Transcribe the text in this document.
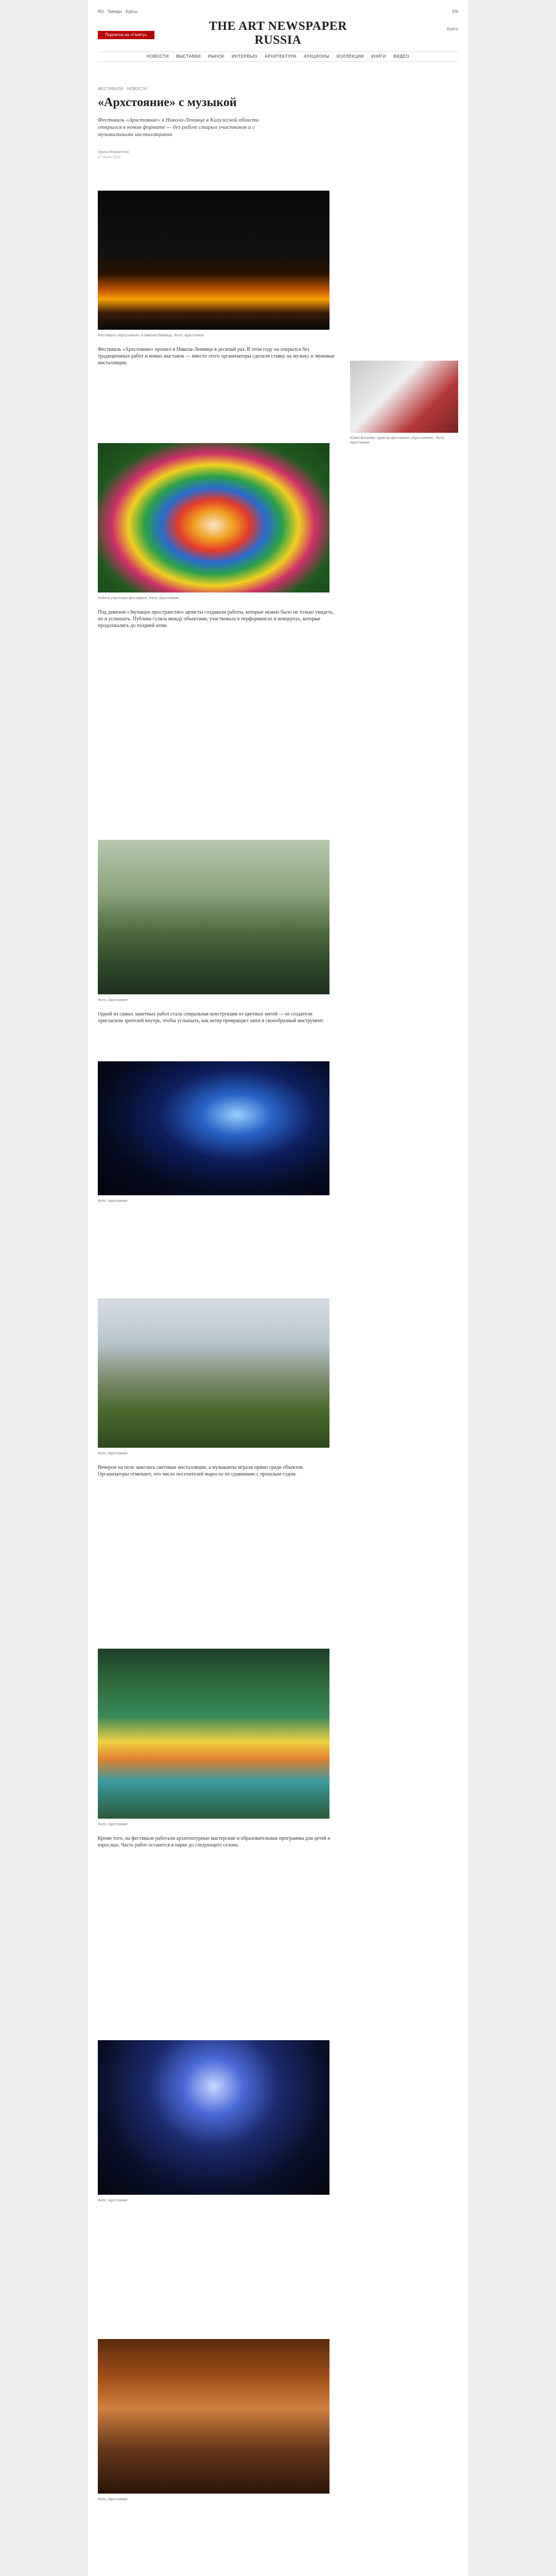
RU · Тренды · Курсы	EN
Подписка на «Газету»
THE ART NEWSPAPER RUSSIA
Войти
НОВОСТИ ВЫСТАВКИ РЫНОК ИНТЕРВЬЮ АРХИТЕКТУРА АУКЦИОНЫ КОЛЛЕКЦИИ КНИГИ ВИДЕО
ФЕСТИВАЛИ · НОВОСТИ
«Архстояние» с музыкой
Фестиваль «Архстояние» в Никола-Ленивце в Калужской области открылся в новом формате — без работ старых участников и с музыкальными инсталляциями
Ирина Вершинина
27 июля 2015
Фестиваль «Архстояние» в Никола-Ленивце. Фото: Архстояние

Фестиваль «Архстояние» прошел в Никола-Ленивце в десятый раз. В этом году он открылся без традиционных работ и новых выставок — вместо этого организаторы сделали ставку на музыку и звуковые инсталляции.

Юлия Бычкова, куратор фестиваля «Архстояние». Фото: Архстояние
Работа участника фестиваля. Фото: Архстояние

Под девизом «Звучащее пространство» артисты создавали работы, которые можно было не только увидеть, но и услышать. Публика гуляла между объектами, участвовала в перформансах и концертах, которые продолжались до поздней ночи.

Фото: Архстояние

Одной из самых заметных работ стала спиральная конструкция из цветных нитей — ее создатели пригласили зрителей внутрь, чтобы услышать, как ветер превращает нити в своеобразный инструмент.

Фото: Архстояние
Фото: Архстояние

Вечером на поле зажглись световые инсталляции, а музыканты играли прямо среди объектов. Организаторы отмечают, что число посетителей выросло по сравнению с прошлым годом.

Фото: Архстояние

Кроме того, на фестивале работали архитектурные мастерские и образовательные программы для детей и взрослых. Часть работ останется в парке до следующего сезона.

Фото: Архстояние
Фото: Архстояние
